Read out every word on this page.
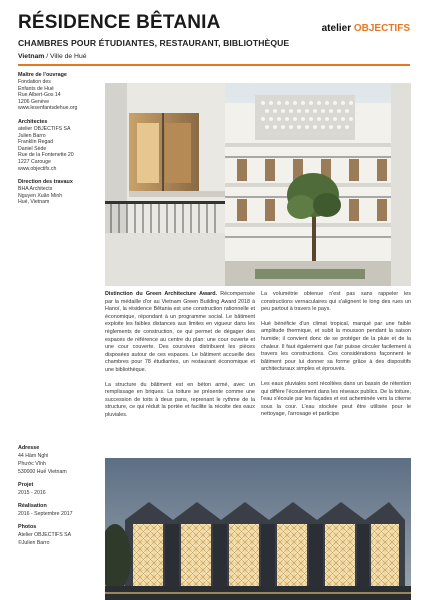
RÉSIDENCE BÊTANIA
CHAMBRES POUR ÉTUDIANTES, RESTAURANT, BIBLIOTHÈQUE
Vietnam / Ville de Hué
atelier OBJECTIFS
Maître de l'ouvrage
Fondation des
Enfants de Hué
Rue Albert-Gos 14
1206 Genève
www.lesenfantsdehue.org
Architectes
atelier OBJECTIFS SA
Julien Barro
Franklin Regad
Daniel Sède
Rue de la Fontenette 20
1227 Carouge
www.objectifs.ch
Direction des travaux
BHA Architects
Nguyen Xuân Minh
Hué, Vietnam
Adresse
44 Hàm Nghi
Phước Vĩnh
530000 Huế Vietnam
Projet
2015 - 2016
Réalisation
2016 - Septembre 2017
Photos
Atelier OBJECTIFS SA
©Julien Barro

Distinction du Green Architecture Award. Récompensée par la médaille d'or au Vietnam Green Building Award 2018 à Hanoï, la résidence Bêtania est une construction rationnelle et économique, répondant à un programme social. Le bâtiment exploite les faibles distances aux limites en vigueur dans les règlements de construction, ce qui permet de dégager des espaces de référence au centre du plan: une cour ouverte et une cour couverte. Des coursives distribuent les pièces disposées autour de ces espaces. Le bâtiment accueille des chambres pour 78 étudiantes, un restaurant économique et une bibliothèque.

La structure du bâtiment est en béton armé, avec un remplissage en briques. La toiture se présente comme une succession de toits à deux pans, reprenant le rythme de la structure, ce qui réduit la portée et facilite la récolte des eaux pluviales.

La volumétrie obtenue n'est pas sans rappeler les constructions vernaculaires qui s'alignent le long des rues un peu partout à travers le pays.

Hué bénéficie d'un climat tropical, marqué par une faible amplitude thermique, et subit la mousson pendant la saison humide; il convient donc de se protéger de la pluie et de la chaleur. Il faut également que l'air puisse circuler facilement à travers les constructions. Ces considérations façonnent le bâtiment pour lui donner sa forme grâce à des dispositifs architecturaux simples et éprouvés.

Les eaux pluviales sont récoltées dans un bassin de rétention qui différe l'écoulement dans les réseaux publics. De la toiture, l'eau s'écoule par les façades et est acheminée vers la citerne sous la cour. L'eau stockée peut être utilisée pour le nettoyage, l'arrosage et participe
